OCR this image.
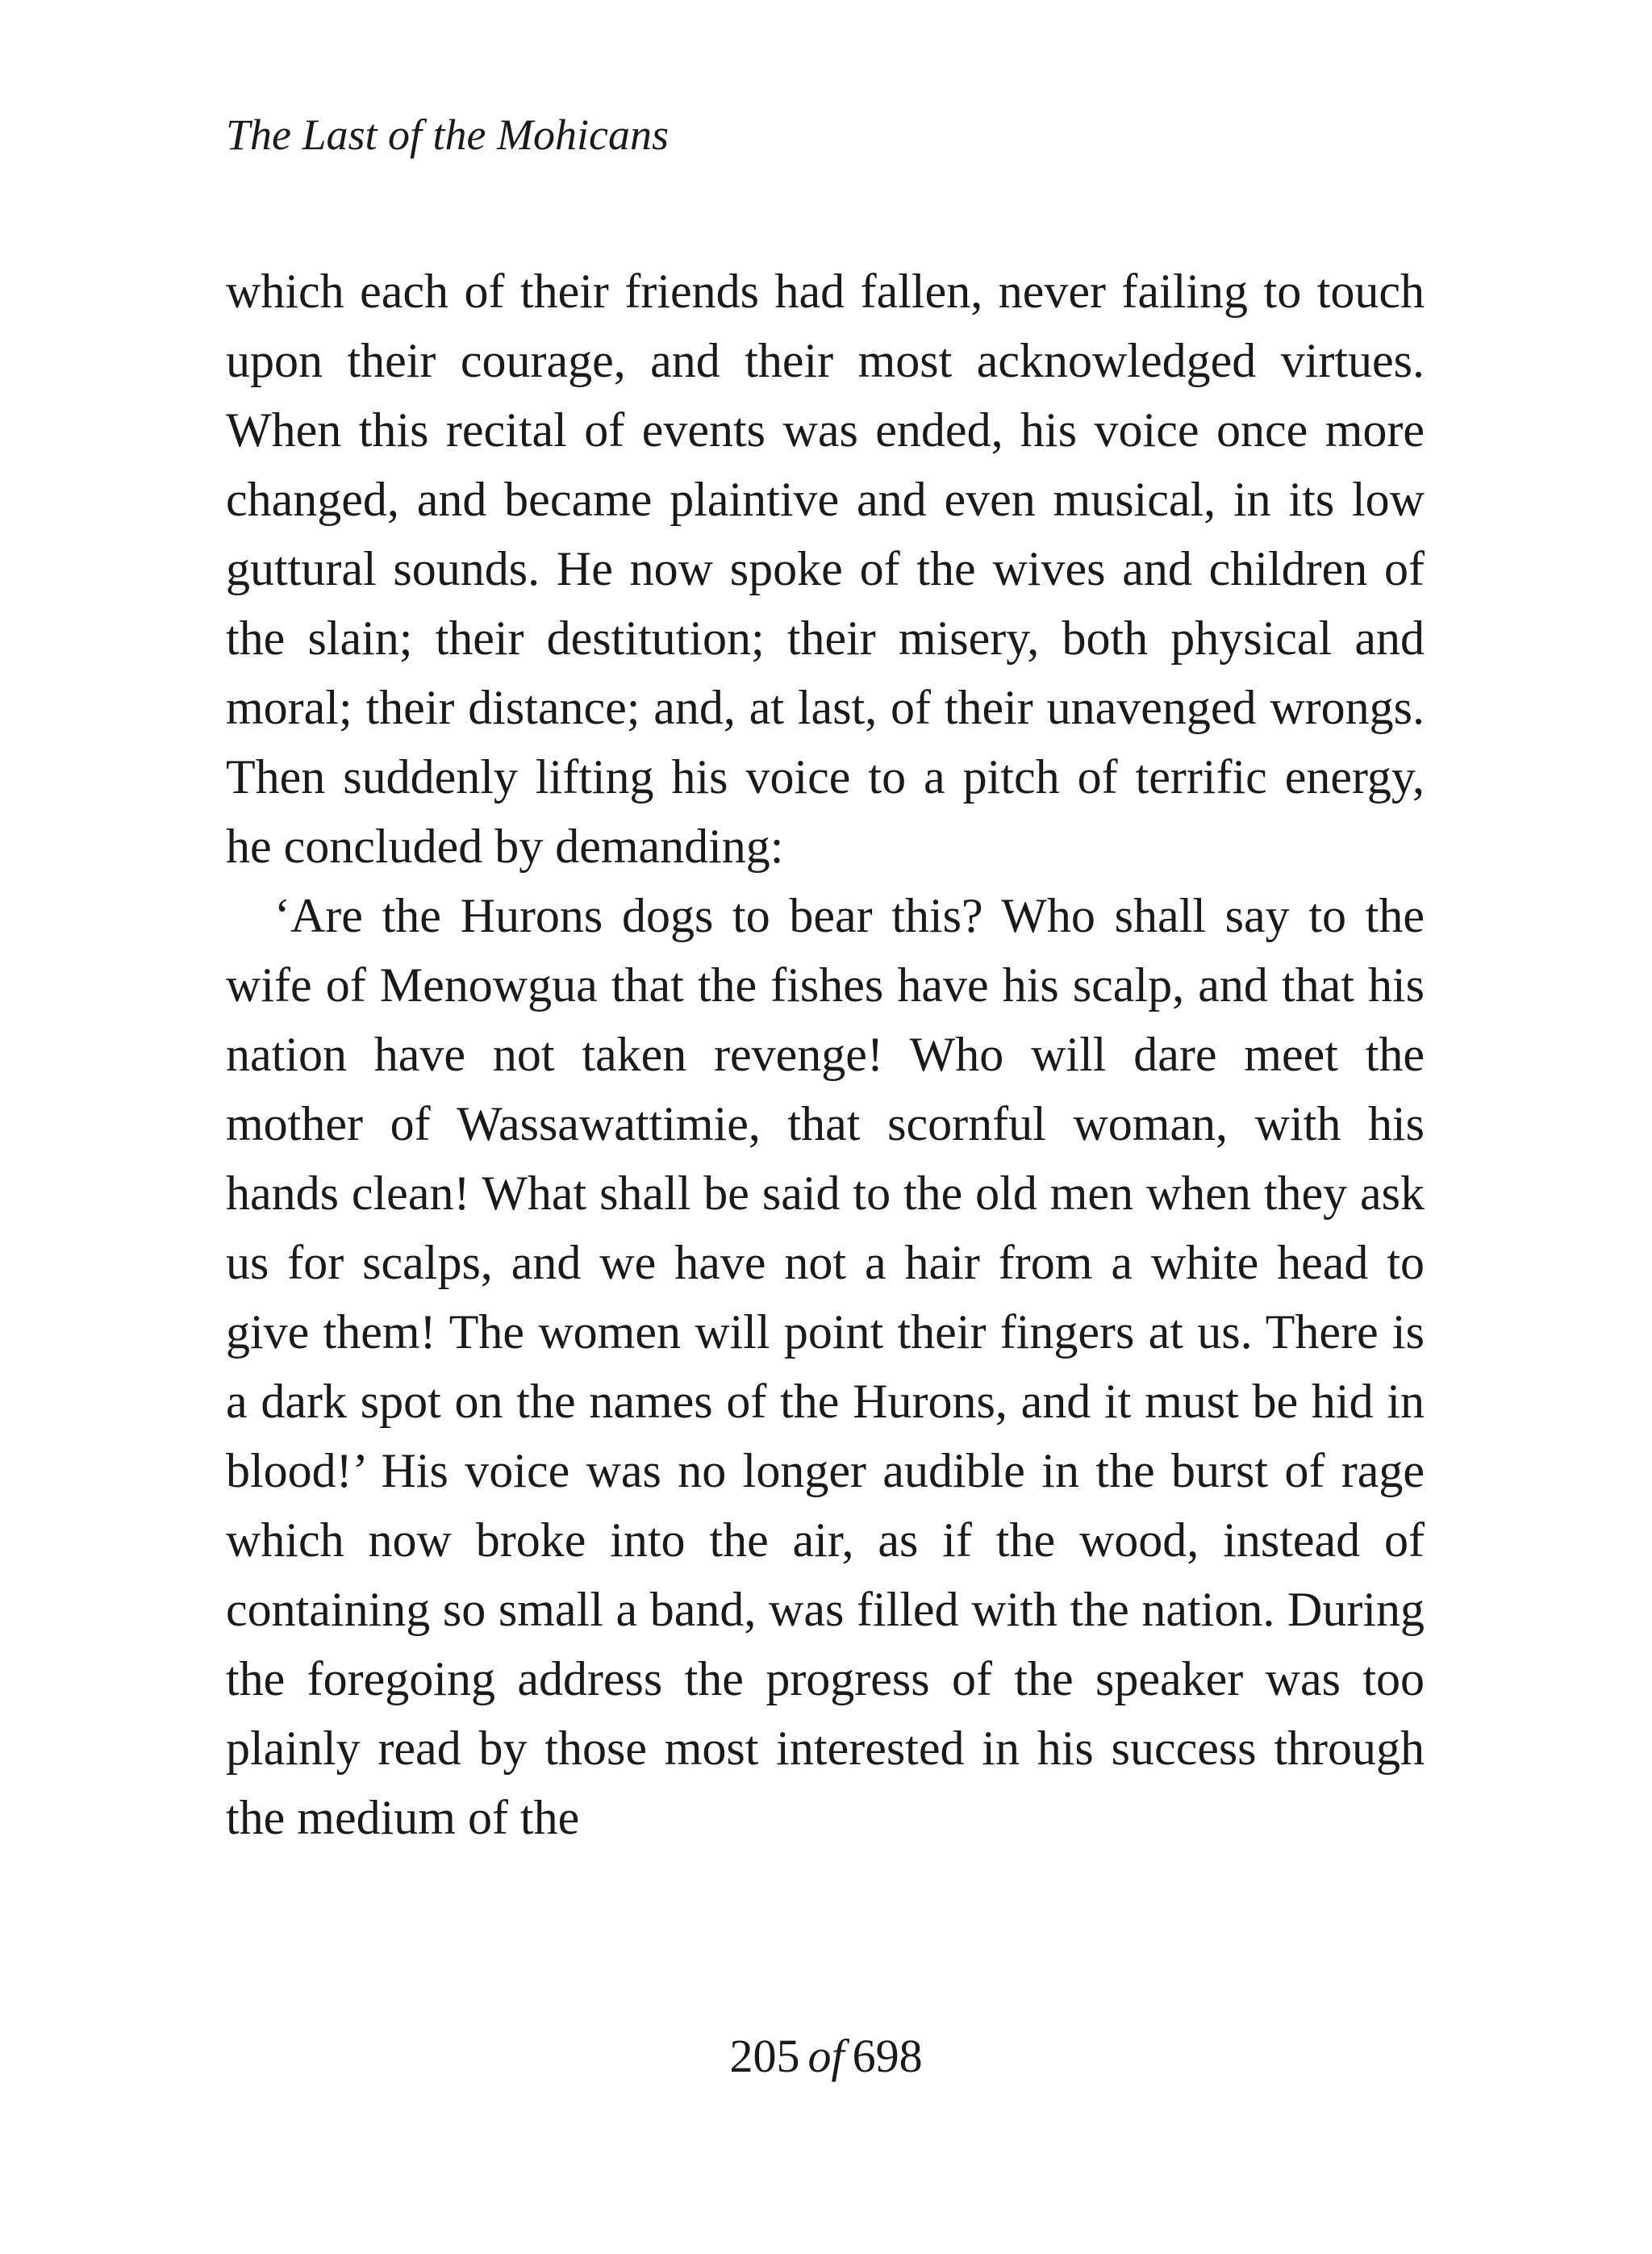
The Last of the Mohicans

which each of their friends had fallen, never failing to touch upon their courage, and their most acknowledged virtues. When this recital of events was ended, his voice once more changed, and became plaintive and even musical, in its low guttural sounds. He now spoke of the wives and children of the slain; their destitution; their misery, both physical and moral; their distance; and, at last, of their unavenged wrongs. Then suddenly lifting his voice to a pitch of terrific energy, he concluded by demanding:

‘Are the Hurons dogs to bear this? Who shall say to the wife of Menowgua that the fishes have his scalp, and that his nation have not taken revenge! Who will dare meet the mother of Wassawattimie, that scornful woman, with his hands clean! What shall be said to the old men when they ask us for scalps, and we have not a hair from a white head to give them! The women will point their fingers at us. There is a dark spot on the names of the Hurons, and it must be hid in blood!’ His voice was no longer audible in the burst of rage which now broke into the air, as if the wood, instead of containing so small a band, was filled with the nation. During the foregoing address the progress of the speaker was too plainly read by those most interested in his success through the medium of the

205 of 698
